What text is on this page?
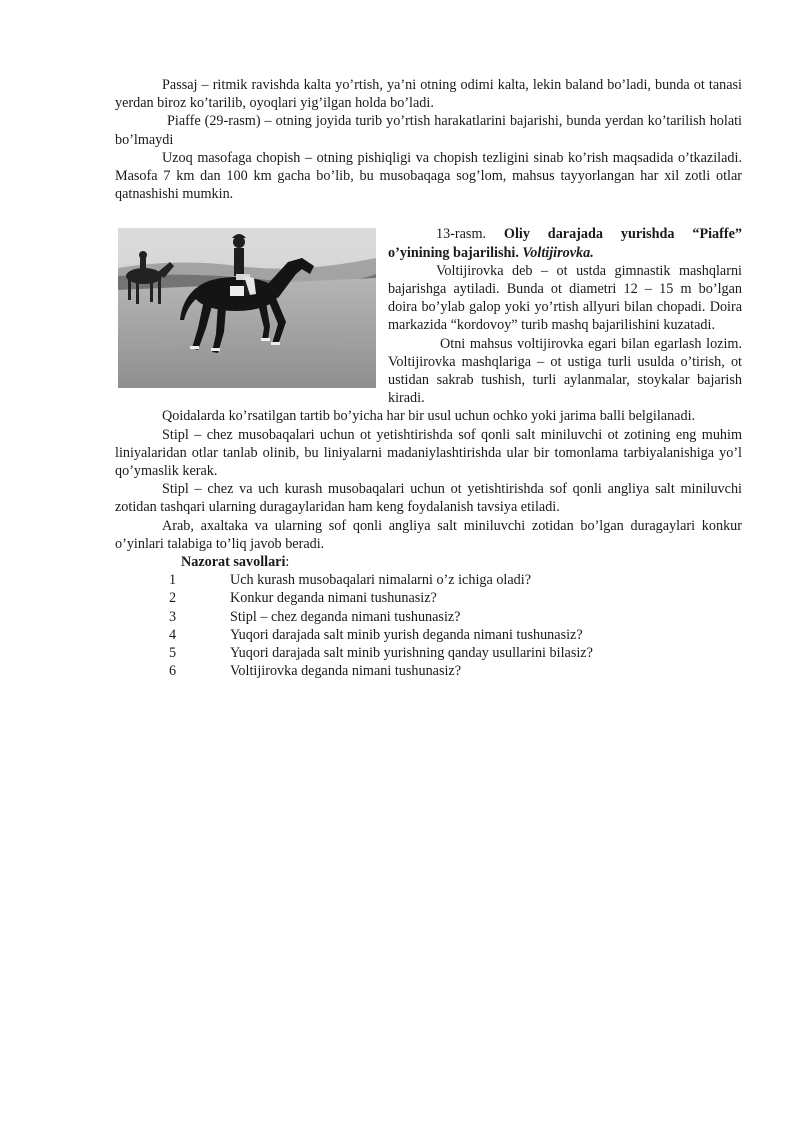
Passaj – ritmik ravishda kalta yo’rtish, ya’ni otning odimi kalta, lekin baland bo’ladi, bunda ot tanasi yerdan biroz ko’tarilib, oyoqlari yig’ilgan holda bo’ladi.

Piaffe (29-rasm) – otning joyida turib yo’rtish harakatlarini bajarishi, bunda yerdan ko’tarilish holati bo’lmaydi

Uzoq masofaga chopish – otning pishiqligi va chopish tezligini sinab ko’rish maqsadida o’tkaziladi. Masofa 7 km dan 100 km gacha bo’lib, bu musobaqaga sog’lom, mahsus tayyorlangan har xil zotli otlar qatnashishi mumkin.

13-rasm. Oliy darajada yurishda “Piaffe” o’yinining bajarilishi. Voltijirovka.

Voltijirovka deb – ot ustda gimnastik mashqlarni bajarishga aytiladi. Bunda ot diametri 12 – 15 m bo’lgan doira bo’ylab galop yoki yo’rtish allyuri bilan chopadi. Doira markazida “kordovoy” turib mashq bajarilishini kuzatadi.

Otni mahsus voltijirovka egari bilan egarlash lozim. Voltijirovka mashqlariga – ot ustiga turli usulda o’tirish, ot ustidan sakrab tushish, turli aylanmalar, stoykalar bajarish kiradi.

Qoidalarda ko’rsatilgan tartib bo’yicha har bir usul uchun ochko yoki jarima balli belgilanadi.

Stipl – chez musobaqalari uchun ot yetishtirishda sof qonli salt miniluvchi ot zotining eng muhim liniyalaridan otlar tanlab olinib, bu liniyalarni madaniylashtirishda ular bir tomonlama tarbiyalanishiga yo’l qo’ymaslik kerak.

Stipl – chez va uch kurash musobaqalari uchun ot yetishtirishda sof qonli angliya salt miniluvchi zotidan tashqari ularning duragaylaridan ham keng foydalanish tavsiya etiladi.

Arab, axaltaka va ularning sof qonli angliya salt miniluvchi zotidan bo’lgan duragaylari konkur o’yinlari talabiga to’liq javob beradi.

Nazorat savollari:

1	Uch kurash musobaqalari nimalarni o’z ichiga oladi?
2	Konkur deganda nimani tushunasiz?
3	Stipl – chez deganda nimani tushunasiz?
4	Yuqori darajada salt minib yurish deganda nimani tushunasiz?
5	Yuqori darajada salt minib yurishning qanday usullarini bilasiz?
6	Voltijirovka deganda nimani tushunasiz?
